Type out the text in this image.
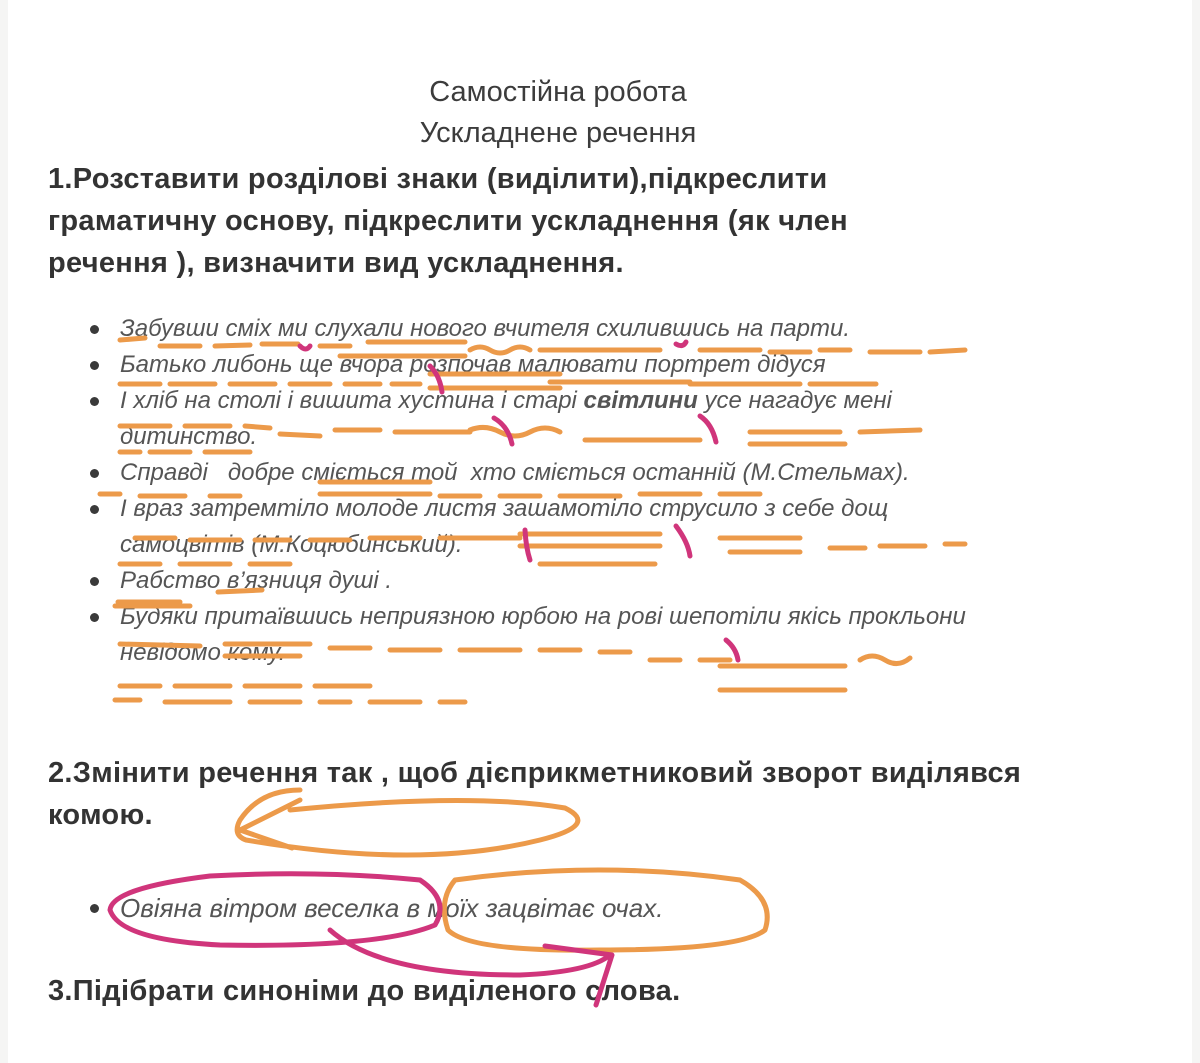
Самостійна робота
Ускладнене речення
1.Розставити розділові знаки (виділити),підкреслити граматичну основу, підкреслити ускладнення (як член речення ), визначити вид ускладнення.
Забувши сміх ми слухали нового вчителя схилившись на парти.
Батько либонь ще вчора розпочав малювати портрет дідуся
І хліб на столі і вишита хустина і старі світлини усе нагадує мені дитинство.
Справді   добре сміється той  хто сміється останній (М.Стельмах).
І враз затремтіло молоде листя зашамотіло струсило з себе дощ самоцвітів (М.Коцюбинський).
Рабство в’язниця душі .
Будяки притаївшись неприязною юрбою на рові шепотіли якісь прокльони невідомо кому.
2.Змінити речення так , щоб дієприкметниковий зворот виділявся комою.
Овіяна вітром веселка в моїх зацвітає очах.
3.Підібрати синоніми до виділеного слова.
